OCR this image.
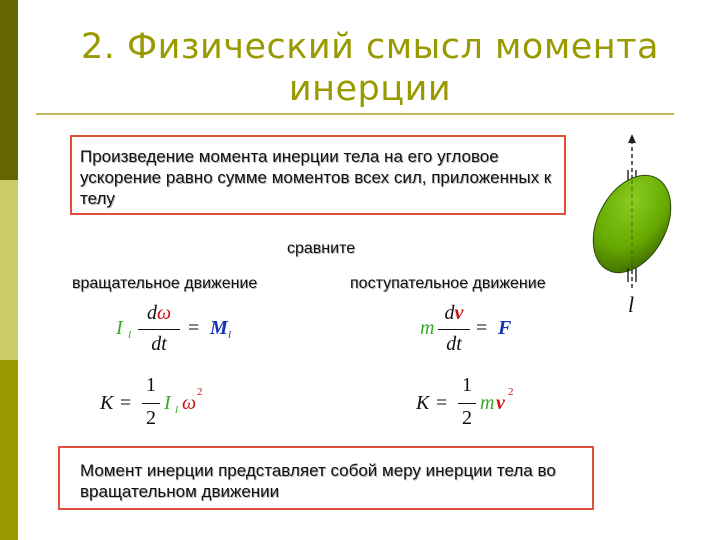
2. Физический смысл момента
инерции
Произведение момента инерции тела на его угловое ускорение равно сумме моментов всех сил, приложенных к телу
сравните
вращательное движение	поступательное движение
I l
dω
dt
= M l
K =
1
2
I l ω 2
m
dv
dt
= F
K =
1
2
m v 2
Момент инерции представляет собой меру инерции тела во вращательном движении
l
